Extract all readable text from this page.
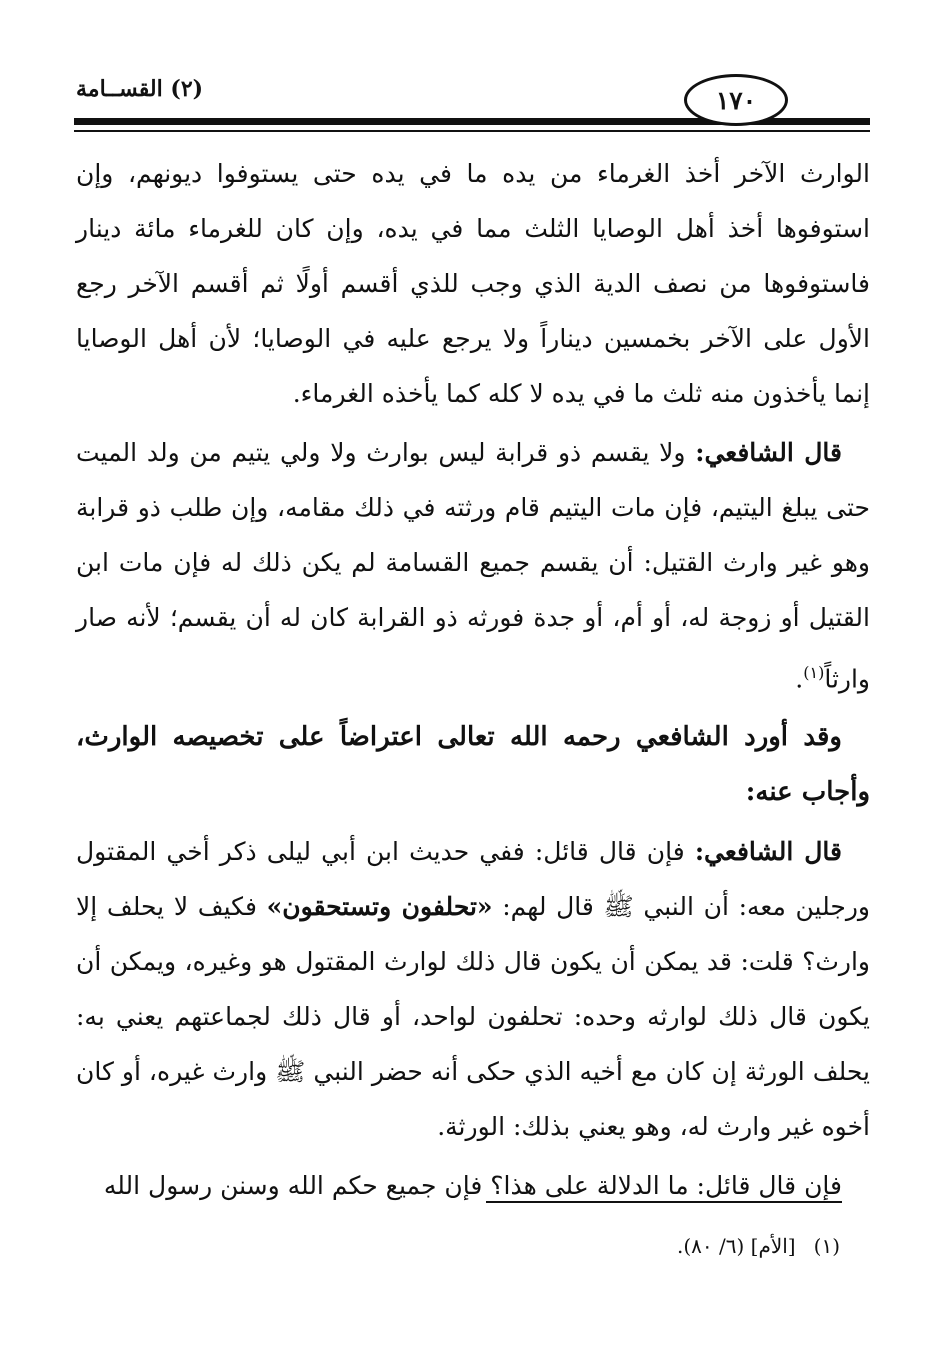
١٧٠
(٢) القســامة

الوارث الآخر أخذ الغرماء من يده ما في يده حتى يستوفوا ديونهم، وإن استوفوها أخذ أهل الوصايا الثلث مما في يده، وإن كان للغرماء مائة دينار فاستوفوها من نصف الدية الذي وجب للذي أقسم أولًا ثم أقسم الآخر رجع الأول على الآخر بخمسين ديناراً ولا يرجع عليه في الوصايا؛ لأن أهل الوصايا إنما يأخذون منه ثلث ما في يده لا كله كما يأخذه الغرماء.

قال الشافعي: ولا يقسم ذو قرابة ليس بوارث ولا ولي يتيم من ولد الميت حتى يبلغ اليتيم، فإن مات اليتيم قام ورثته في ذلك مقامه، وإن طلب ذو قرابة وهو غير وارث القتيل: أن يقسم جميع القسامة لم يكن ذلك له فإن مات ابن القتيل أو زوجة له، أو أم، أو جدة فورثه ذو القرابة كان له أن يقسم؛ لأنه صار وارثاً$^{(١)}$.

وقد أورد الشافعي رحمه الله تعالى اعتراضاً على تخصيصه الوارث، وأجاب عنه:

قال الشافعي: فإن قال قائل: ففي حديث ابن أبي ليلى ذكر أخي المقتول ورجلين معه: أن النبي ﷺ قال لهم: «تحلفون وتستحقون» فكيف لا يحلف إلا وارث؟ قلت: قد يمكن أن يكون قال ذلك لوارث المقتول هو وغيره، ويمكن أن يكون قال ذلك لوارثه وحده: تحلفون لواحد، أو قال ذلك لجماعتهم يعني به: يحلف الورثة إن كان مع أخيه الذي حكى أنه حضر النبي ﷺ وارث غيره، أو كان أخوه غير وارث له، وهو يعني بذلك: الورثة.

فإن قال قائل: ما الدلالة على هذا؟ فإن جميع حكم الله وسنن رسول الله

(١)[الأم] (٦/ ٨٠).
